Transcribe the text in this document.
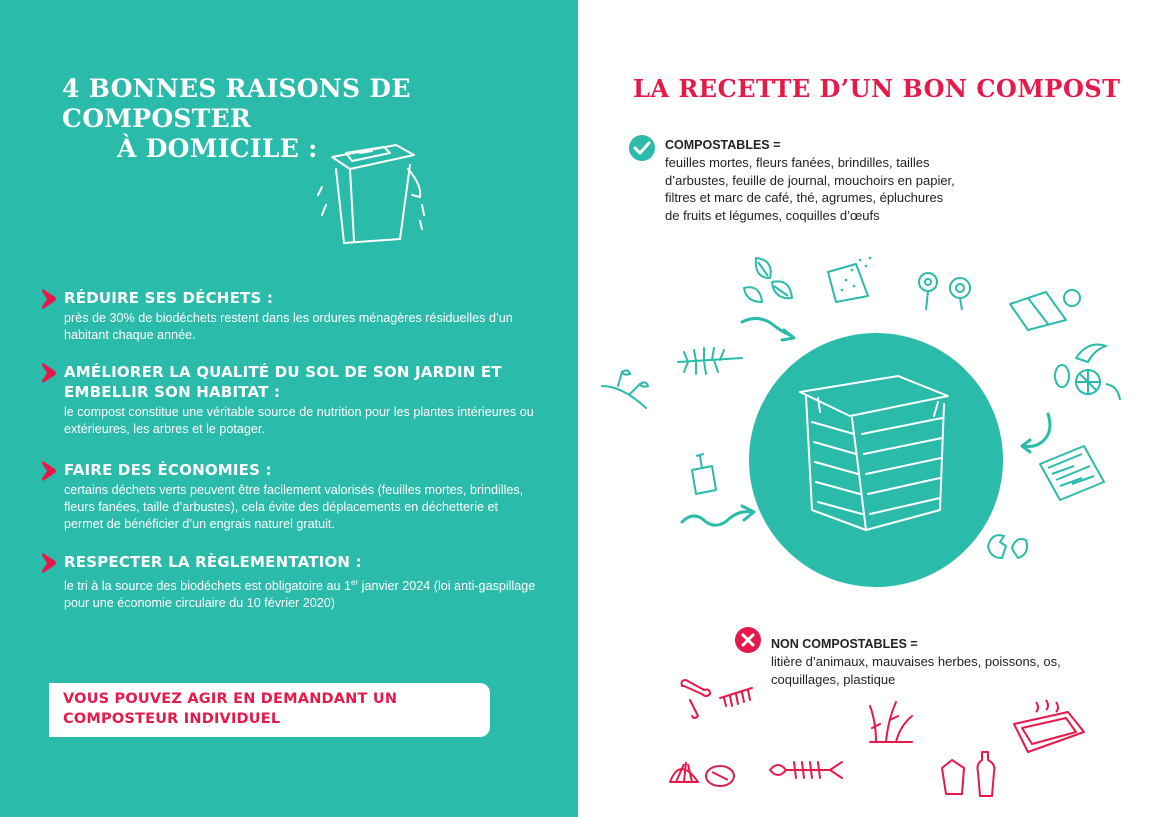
4 BONNES RAISONS DE COMPOSTER
À DOMICILE :

RÉDUIRE SES DÉCHETS :

près de 30% de biodéchets restent dans les ordures ménagères résiduelles d’un habitant chaque année.

AMÉLIORER LA QUALITÉ DU SOL DE SON JARDIN ET EMBELLIR SON HABITAT :

le compost constitue une véritable source de nutrition pour les plantes intérieures ou extérieures, les arbres et le potager.

FAIRE DES ÉCONOMIES :

certains déchets verts peuvent être facilement valorisés (feuilles mortes, brindilles, fleurs fanées, taille d’arbustes), cela évite des déplacements en déchetterie et permet de bénéficier d’un engrais naturel gratuit.

RESPECTER LA RÈGLEMENTATION :

le tri à la source des biodéchets est obligatoire au 1er janvier 2024 (loi anti-gaspillage pour une économie circulaire du 10 février 2020)

VOUS POUVEZ AGIR EN DEMANDANT UN COMPOSTEUR INDIVIDUEL

LA RECETTE D’UN BON COMPOST

COMPOSTABLES =

feuilles mortes, fleurs fanées, brindilles, tailles
d’arbustes, feuille de journal, mouchoirs en papier,
filtres et marc de café, thé, agrumes, épluchures
de fruits et légumes, coquilles d’œufs

NON COMPOSTABLES =

litière d’animaux, mauvaises herbes, poissons, os,
coquillages, plastique
